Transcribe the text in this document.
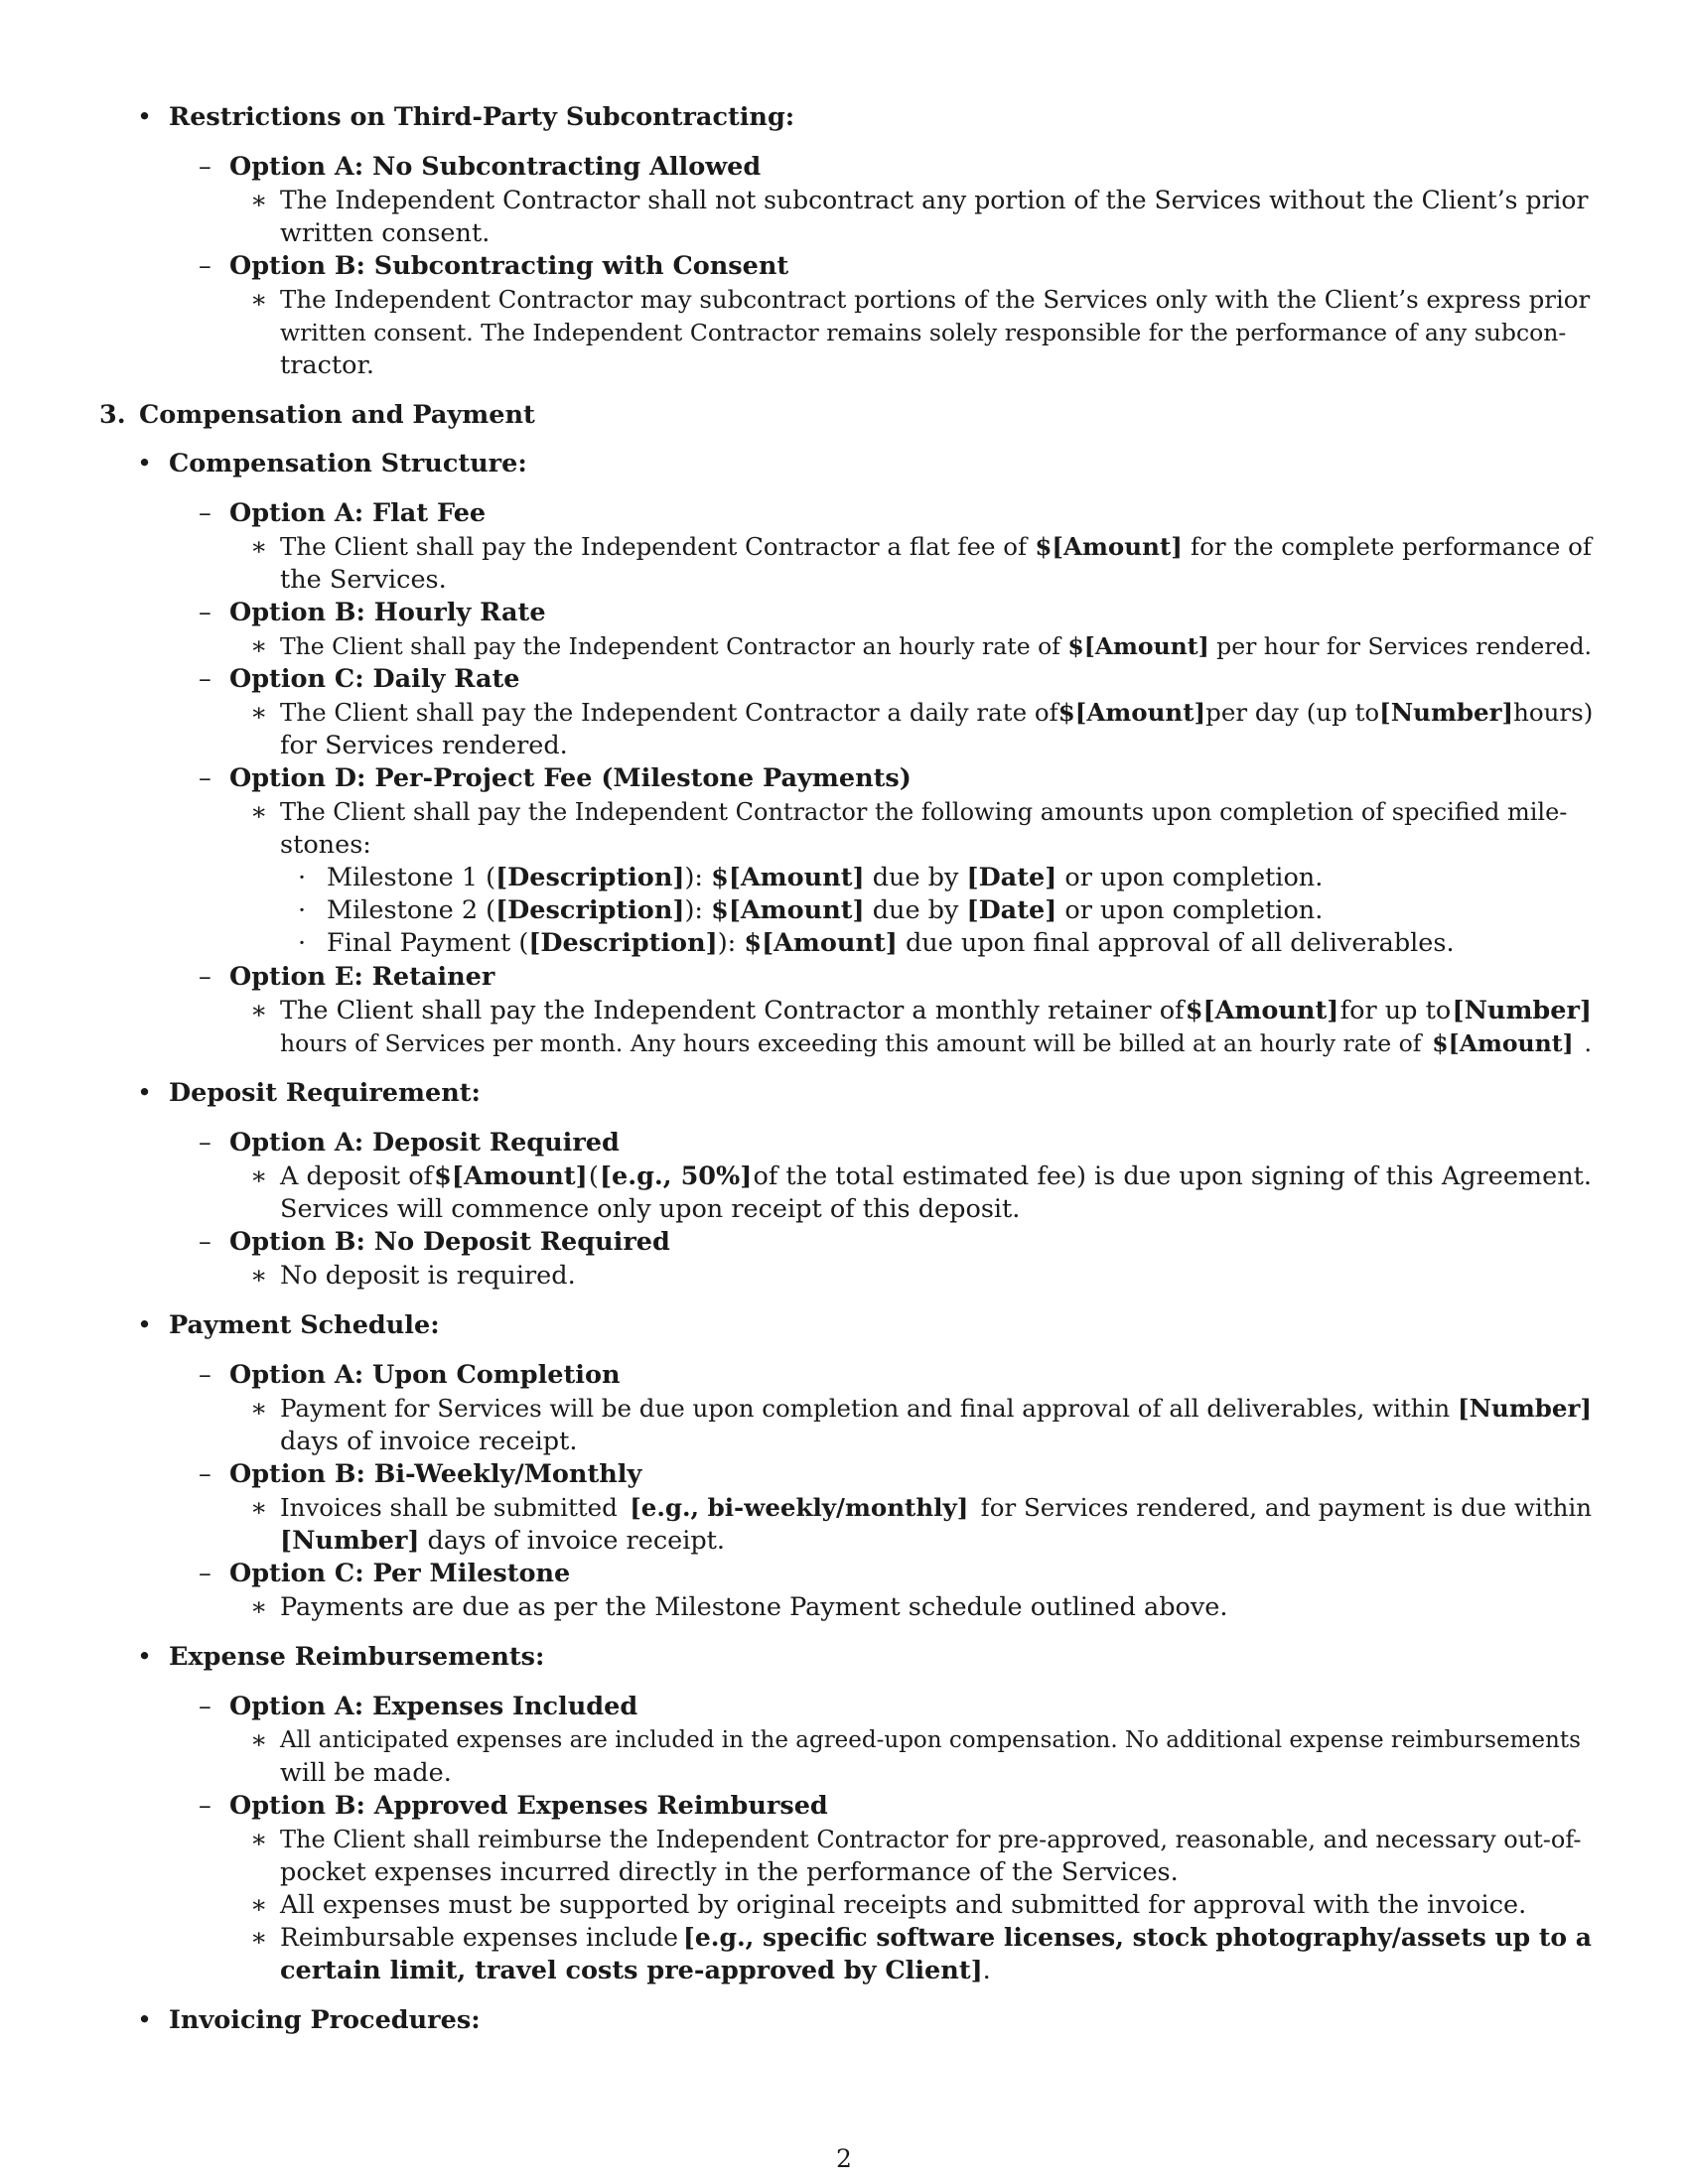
• Restrictions on Third-Party Subcontracting:
– Option A: No Subcontracting Allowed
∗ The Independent Contractor shall not subcontract any portion of the Services without the Client’s prior
written consent.
– Option B: Subcontracting with Consent
∗ The Independent Contractor may subcontract portions of the Services only with the Client’s express prior
written consent. The Independent Contractor remains solely responsible for the performance of any subcon-
tractor.
3. Compensation and Payment
• Compensation Structure:
– Option A: Flat Fee
∗ The Client shall pay the Independent Contractor a flat fee of $[Amount] for the complete performance of
the Services.
– Option B: Hourly Rate
∗ The Client shall pay the Independent Contractor an hourly rate of $[Amount] per hour for Services rendered.
– Option C: Daily Rate
∗ The Client shall pay the Independent Contractor a daily rate of $[Amount] per day (up to [Number] hours)
for Services rendered.
– Option D: Per-Project Fee (Milestone Payments)
∗ The Client shall pay the Independent Contractor the following amounts upon completion of specified mile-
stones:
· Milestone 1 ([Description]): $[Amount] due by [Date] or upon completion.
· Milestone 2 ([Description]): $[Amount] due by [Date] or upon completion.
· Final Payment ([Description]): $[Amount] due upon final approval of all deliverables.
– Option E: Retainer
∗ The Client shall pay the Independent Contractor a monthly retainer of $[Amount] for up to [Number]
hours of Services per month. Any hours exceeding this amount will be billed at an hourly rate of $[Amount] .
• Deposit Requirement:
– Option A: Deposit Required
∗ A deposit of $[Amount] ( [e.g., 50%] of the total estimated fee) is due upon signing of this Agreement.
Services will commence only upon receipt of this deposit.
– Option B: No Deposit Required
∗ No deposit is required.
• Payment Schedule:
– Option A: Upon Completion
∗ Payment for Services will be due upon completion and final approval of all deliverables, within [Number]
days of invoice receipt.
– Option B: Bi-Weekly/Monthly
∗ Invoices shall be submitted [e.g., bi-weekly/monthly] for Services rendered, and payment is due within
[Number] days of invoice receipt.
– Option C: Per Milestone
∗ Payments are due as per the Milestone Payment schedule outlined above.
• Expense Reimbursements:
– Option A: Expenses Included
∗ All anticipated expenses are included in the agreed-upon compensation. No additional expense reimbursements
will be made.
– Option B: Approved Expenses Reimbursed
∗ The Client shall reimburse the Independent Contractor for pre-approved, reasonable, and necessary out-of-
pocket expenses incurred directly in the performance of the Services.
∗ All expenses must be supported by original receipts and submitted for approval with the invoice.
∗ Reimbursable expenses include [e.g., specific software licenses, stock photography/assets up to a
certain limit, travel costs pre-approved by Client].
• Invoicing Procedures:
2
